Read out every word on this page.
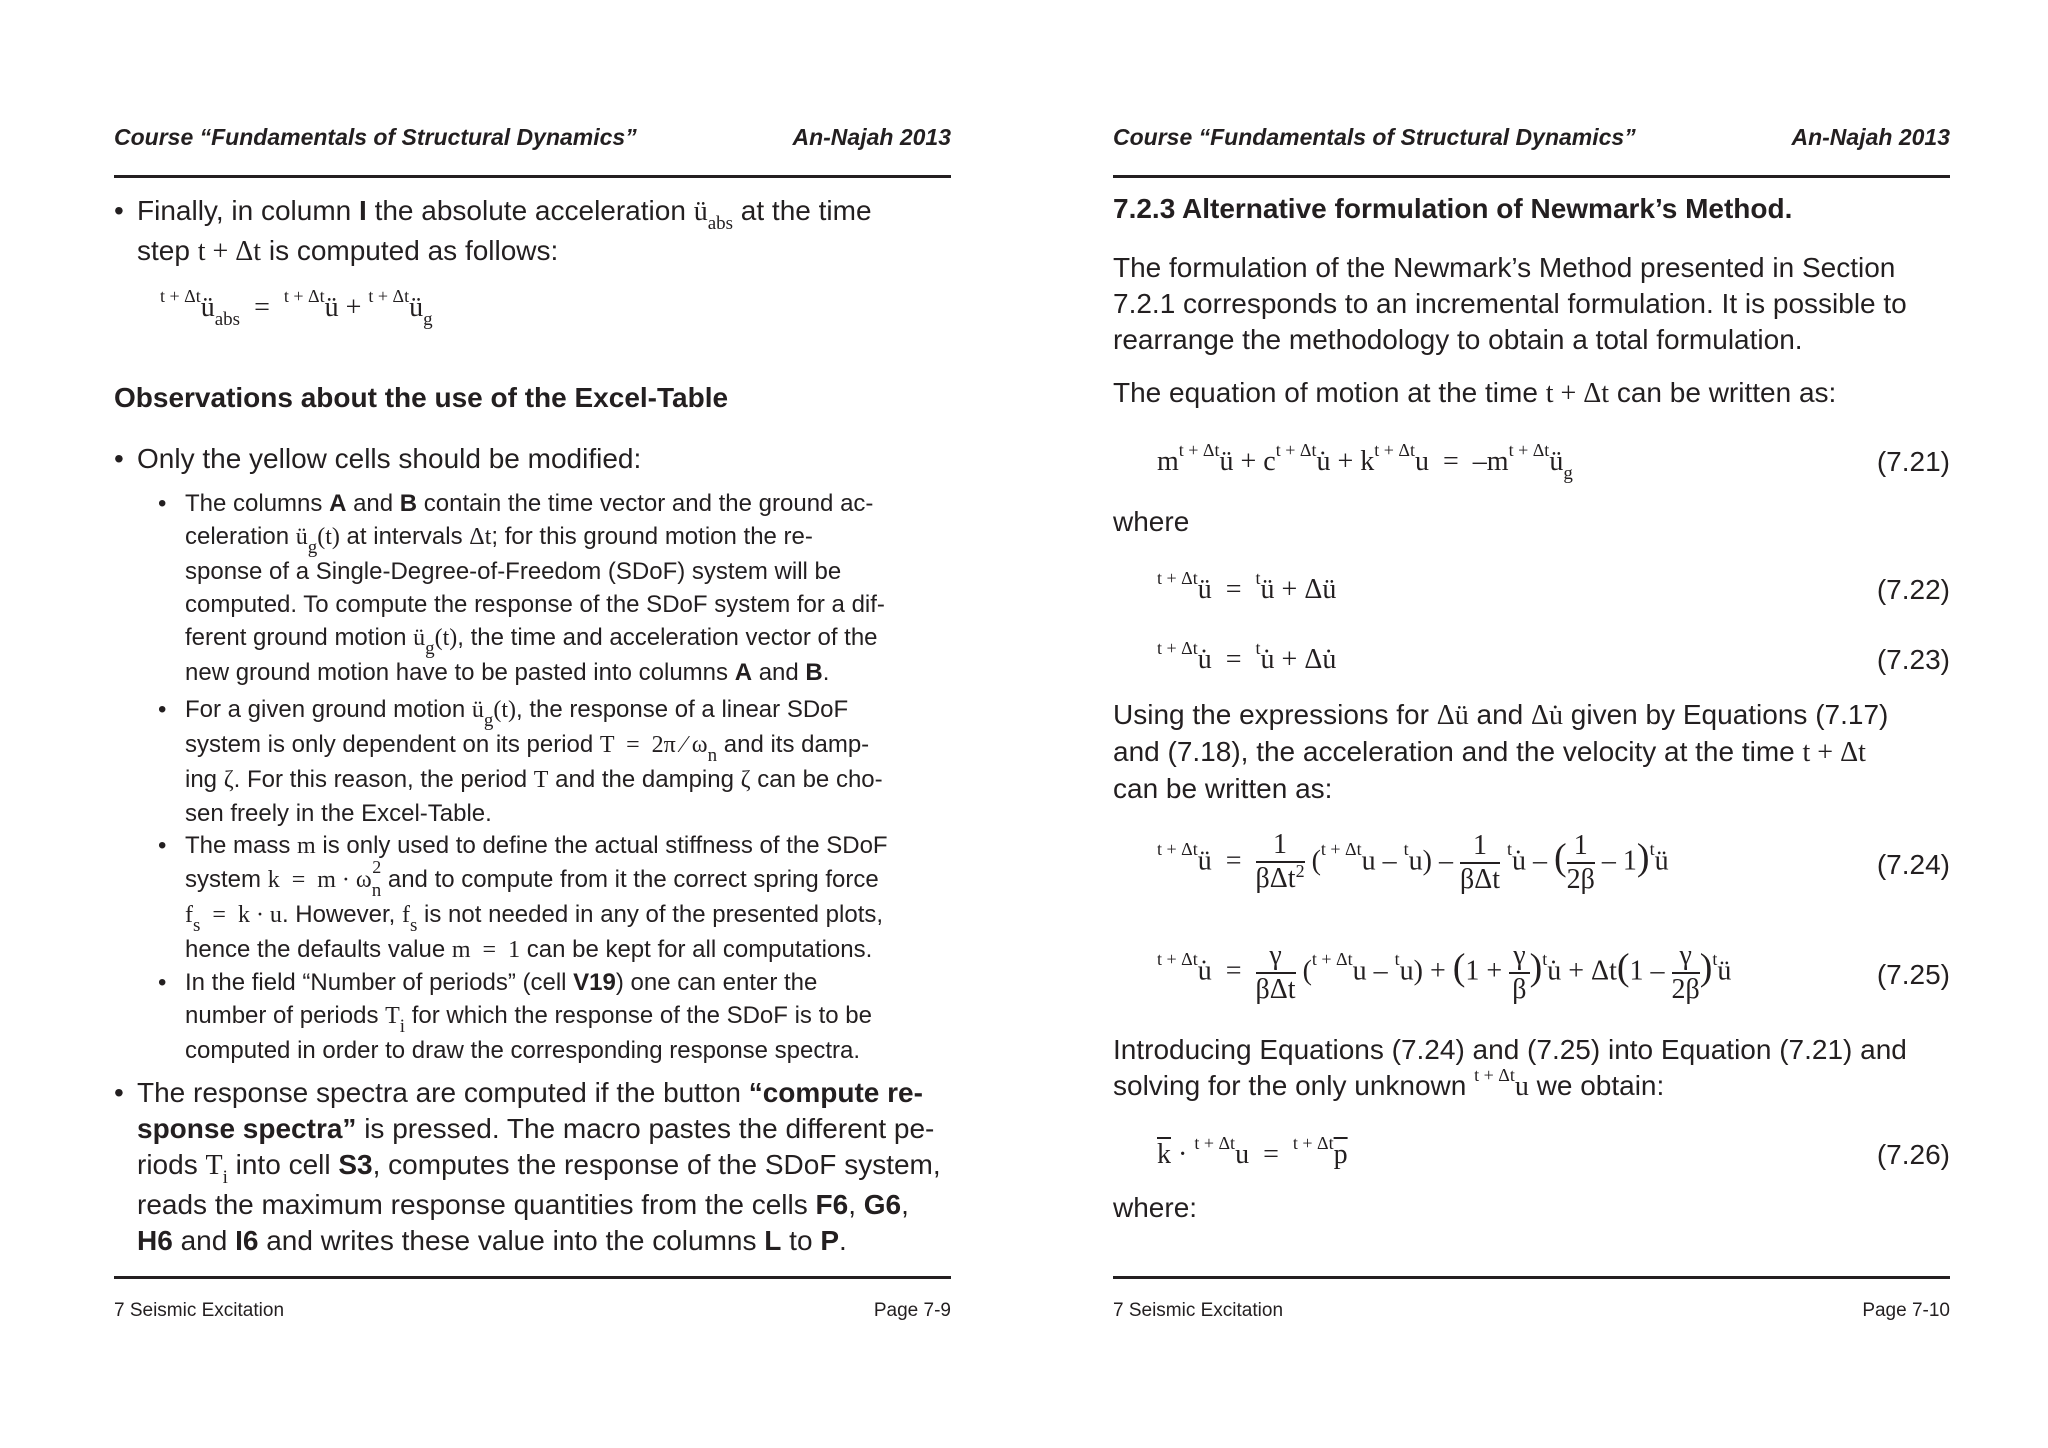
Course “Fundamentals of Structural Dynamics”	An-Najah 2013
• Finally, in column I the absolute acceleration $ü_{abs}$ at the time
step t + Δt is computed as follows:
$^{t + \Delta t}ü_{abs}$  =  $^{t + \Delta t}$ü + $^{t + \Delta t}ü_g$
Observations about the use of the Excel-Table
• Only the yellow cells should be modified:
• The columns A and B contain the time vector and the ground ac-
celeration $ü_g(t)$ at intervals Δt; for this ground motion the re-
sponse of a Single-Degree-of-Freedom (SDoF) system will be
computed. To compute the response of the SDoF system for a dif-
ferent ground motion $ü_g(t)$, the time and acceleration vector of the
new ground motion have to be pasted into columns A and B.
• For a given ground motion $ü_g(t)$, the response of a linear SDoF
system is only dependent on its period T  =  2π ⁄ $\omega_n$ and its damp-
ing ζ. For this reason, the period T and the damping ζ can be cho-
sen freely in the Excel-Table.
• The mass m is only used to define the actual stiffness of the SDoF
system $k = m \cdot \omega_n^2$ and to compute from it the correct spring force
$f_s = k \cdot u$. However, $f_s$ is not needed in any of the presented plots,
hence the defaults value m  =  1 can be kept for all computations.
• In the field “Number of periods” (cell V19) one can enter the
number of periods $T_i$ for which the response of the SDoF is to be
computed in order to draw the corresponding response spectra.
• The response spectra are computed if the button “compute re-
sponse spectra” is pressed. The macro pastes the different pe-
riods $T_i$ into cell S3, computes the response of the SDoF system,
reads the maximum response quantities from the cells F6, G6,
H6 and I6 and writes these value into the columns L to P.
7 Seismic Excitation	Page 7-9
Course “Fundamentals of Structural Dynamics”	An-Najah 2013
7.2.3 Alternative formulation of Newmark’s Method.
The formulation of the Newmark’s Method presented in Section
7.2.1 corresponds to an incremental formulation. It is possible to
rearrange the methodology to obtain a total formulation.
The equation of motion at the time t + Δt can be written as:
$m^{t + \Delta t}ü$ + $c^{t + \Delta t}u̇ + k^{t + \Delta t}u$  =  $-m^{t + \Delta t}ü_g$	(7.21)
where
$^{t + \Delta t}$ü  =  $^t$ü + Δü	(7.22)
$^{t + \Delta t}$u̇  =  $^t$u̇ + Δu̇	(7.23)
Using the expressions for Δü and Δu̇ given by Equations (7.17)
and (7.18), the acceleration and the velocity at the time t + Δt
can be written as:
$^{t + \Delta t}$ü  = $\frac{1}{\beta\Delta t^2} (^{t + \Delta t}u - ^tu) - \frac{1}{\text{βΔt}}$ $^t$u̇ – ( $\frac{1}{2\beta}$ – 1)$^t$ü	(7.24)
$^{t + \Delta t}$u̇  = $\frac{\gamma}{\text{βΔt}} (^{t + \Delta t}u - ^tu) + (1 + \frac{\gamma}{\beta}$ )$^tu̇ + \Delta t(1 - \frac{\gamma}{2\beta}$ )$^t$ü	(7.25)
Introducing Equations (7.24) and (7.25) into Equation (7.21) and
solving for the only unknown $^{t + \Delta t}$u we obtain:
$\overline{k} \cdot ^{t + \Delta t}u = ^{t + \Delta t}\overline{p}$	(7.26)
where:
7 Seismic Excitation	Page 7-10
